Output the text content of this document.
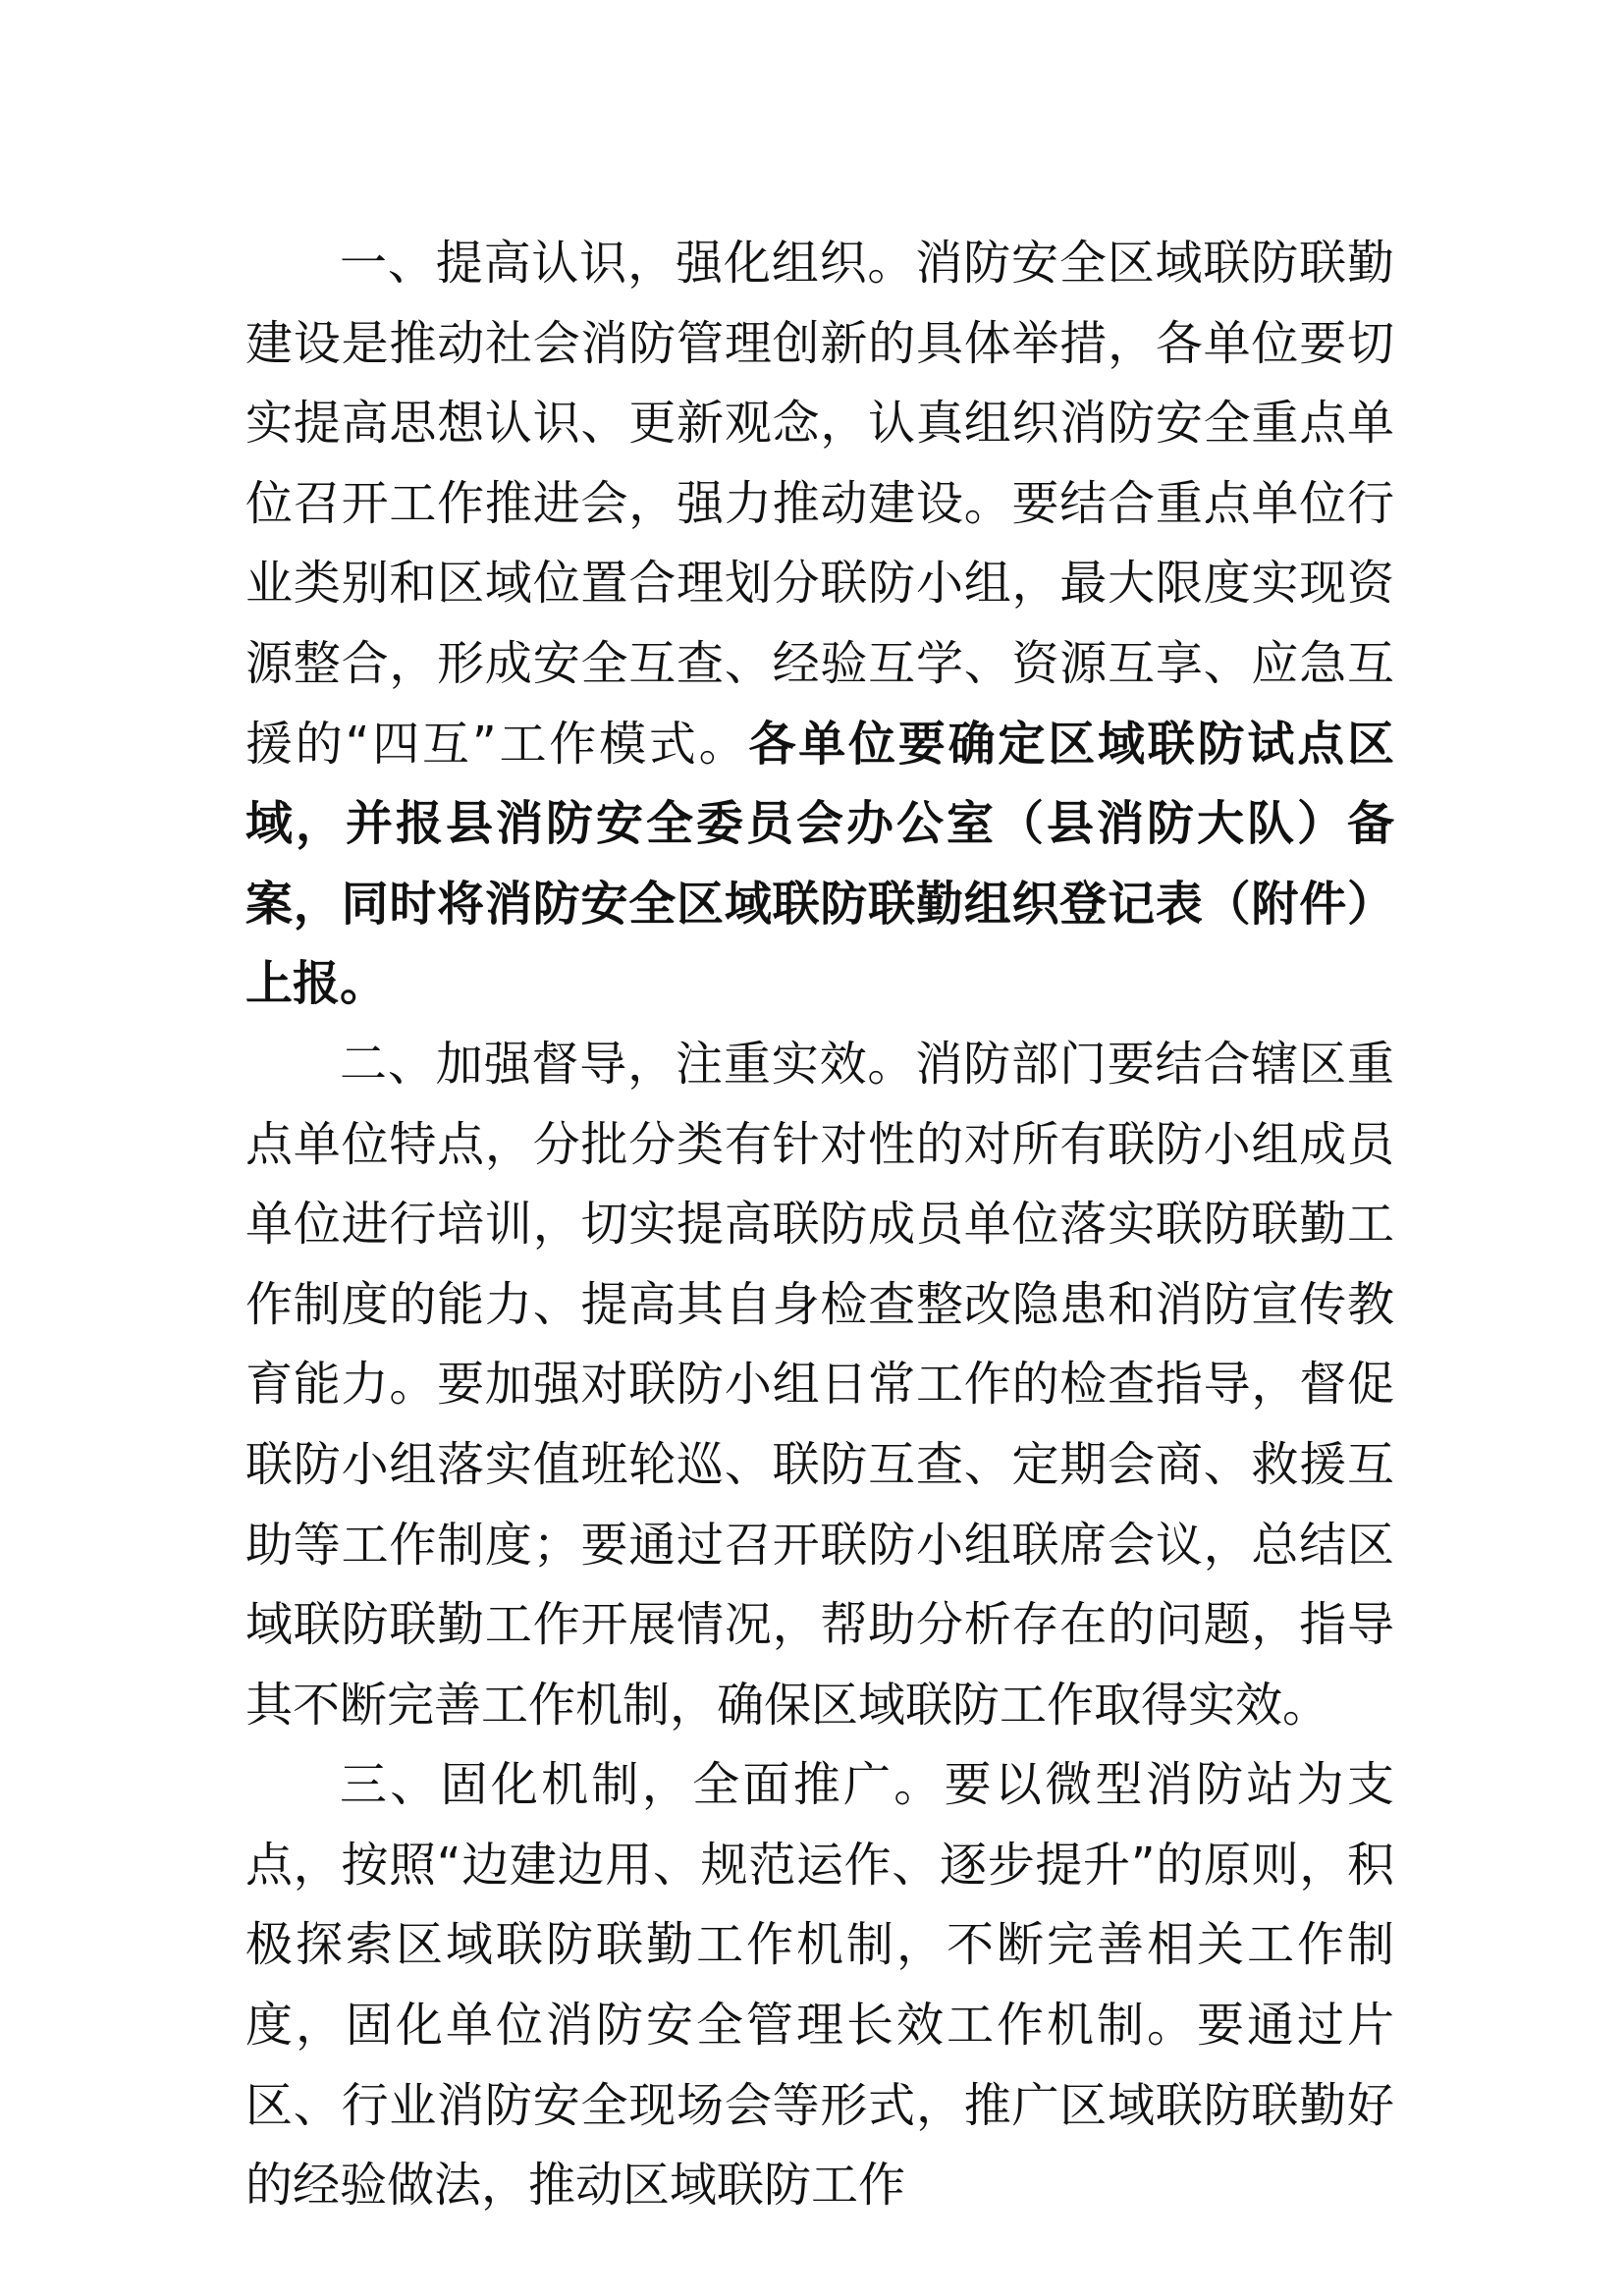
一、提高认识，强化组织。消防安全区域联防联勤建设是推动社会消防管理创新的具体举措，各单位要切实提高思想认识、更新观念，认真组织消防安全重点单位召开工作推进会，强力推动建设。要结合重点单位行业类别和区域位置合理划分联防小组，最大限度实现资源整合，形成安全互查、经验互学、资源互享、应急互援的“四互”工作模式。各单位要确定区域联防试点区域，并报县消防安全委员会办公室（县消防大队）备案，同时将消防安全区域联防联勤组织登记表（附件）上报。

二、加强督导，注重实效。消防部门要结合辖区重点单位特点，分批分类有针对性的对所有联防小组成员单位进行培训，切实提高联防成员单位落实联防联勤工作制度的能力、提高其自身检查整改隐患和消防宣传教育能力。要加强对联防小组日常工作的检查指导，督促联防小组落实值班轮巡、联防互查、定期会商、救援互助等工作制度；要通过召开联防小组联席会议，总结区域联防联勤工作开展情况，帮助分析存在的问题，指导其不断完善工作机制，确保区域联防工作取得实效。

三、固化机制，全面推广。要以微型消防站为支点，按照“边建边用、规范运作、逐步提升”的原则，积极探索区域联防联勤工作机制，不断完善相关工作制度，固化单位消防安全管理长效工作机制。要通过片区、行业消防安全现场会等形式，推广区域联防联勤好的经验做法，推动区域联防工作
